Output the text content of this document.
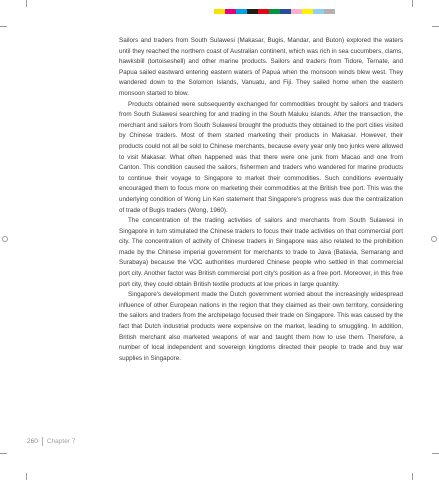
Sailors and traders from South Sulawesi (Makasar, Bugis, Mandar, and Buton) explored the waters until they reached the northern coast of Australian continent, which was rich in sea cucumbers, clams, hawksbill (tortoiseshell) and other marine products. Sailors and traders from Tidore, Ternate, and Papua sailed eastward entering eastern waters of Papua when the monsoon winds blew west. They wandered down to the Solomon Islands, Vanuatu, and Fiji. They sailed home when the eastern monsoon started to blow.

Products obtained were subsequently exchanged for commodities brought by sailors and traders from South Sulawesi searching for and trading in the South Maluku islands. After the transaction, the merchant and sailors from South Sulawesi brought the products they obtained to the port cities visited by Chinese traders. Most of them started marketing their products in Makasar. However, their products could not all be sold to Chinese merchants, because every year only two junks were allowed to visit Makasar. What often happened was that there were one junk from Macao and one from Canton. This condition caused the sailors, fishermen and traders who wandered for marine products to continue their voyage to Singapore to market their commodities. Such conditions eventually encouraged them to focus more on marketing their commodities at the British free port. This was the underlying condition of Wong Lin Ken statement that Singapore's progress was due the centralization of trade of Bugis traders (Wong, 1960).

The concentration of the trading activities of sailors and merchants from South Sulawesi in Singapore in turn stimulated the Chinese traders to focus their trade activities on that commercial port city. The concentration of activity of Chinese traders in Singapore was also related to the prohibition made by the Chinese imperial government for merchants to trade to Java (Batavia, Semarang and Surabaya) because the VOC authorities murdered Chinese people who settled in that commercial port city. Another factor was British commercial port city's position as a free port. Moreover, in this free port city, they could obtain British textile products at low prices in large quantity.

Singapore's development made the Dutch government worried about the increasingly widespread influence of other European nations in the region that they claimed as their own territory, considering the sailors and traders from the archipelago focused their trade on Singapore. This was caused by the fact that Dutch industrial products were expensive on the market, leading to smuggling. In addition, British merchant also marketed weapons of war and taught them how to use them. Therefore, a number of local independent and sovereign kingdoms directed their people to trade and buy war supplies in Singapore.

260 Chapter 7
